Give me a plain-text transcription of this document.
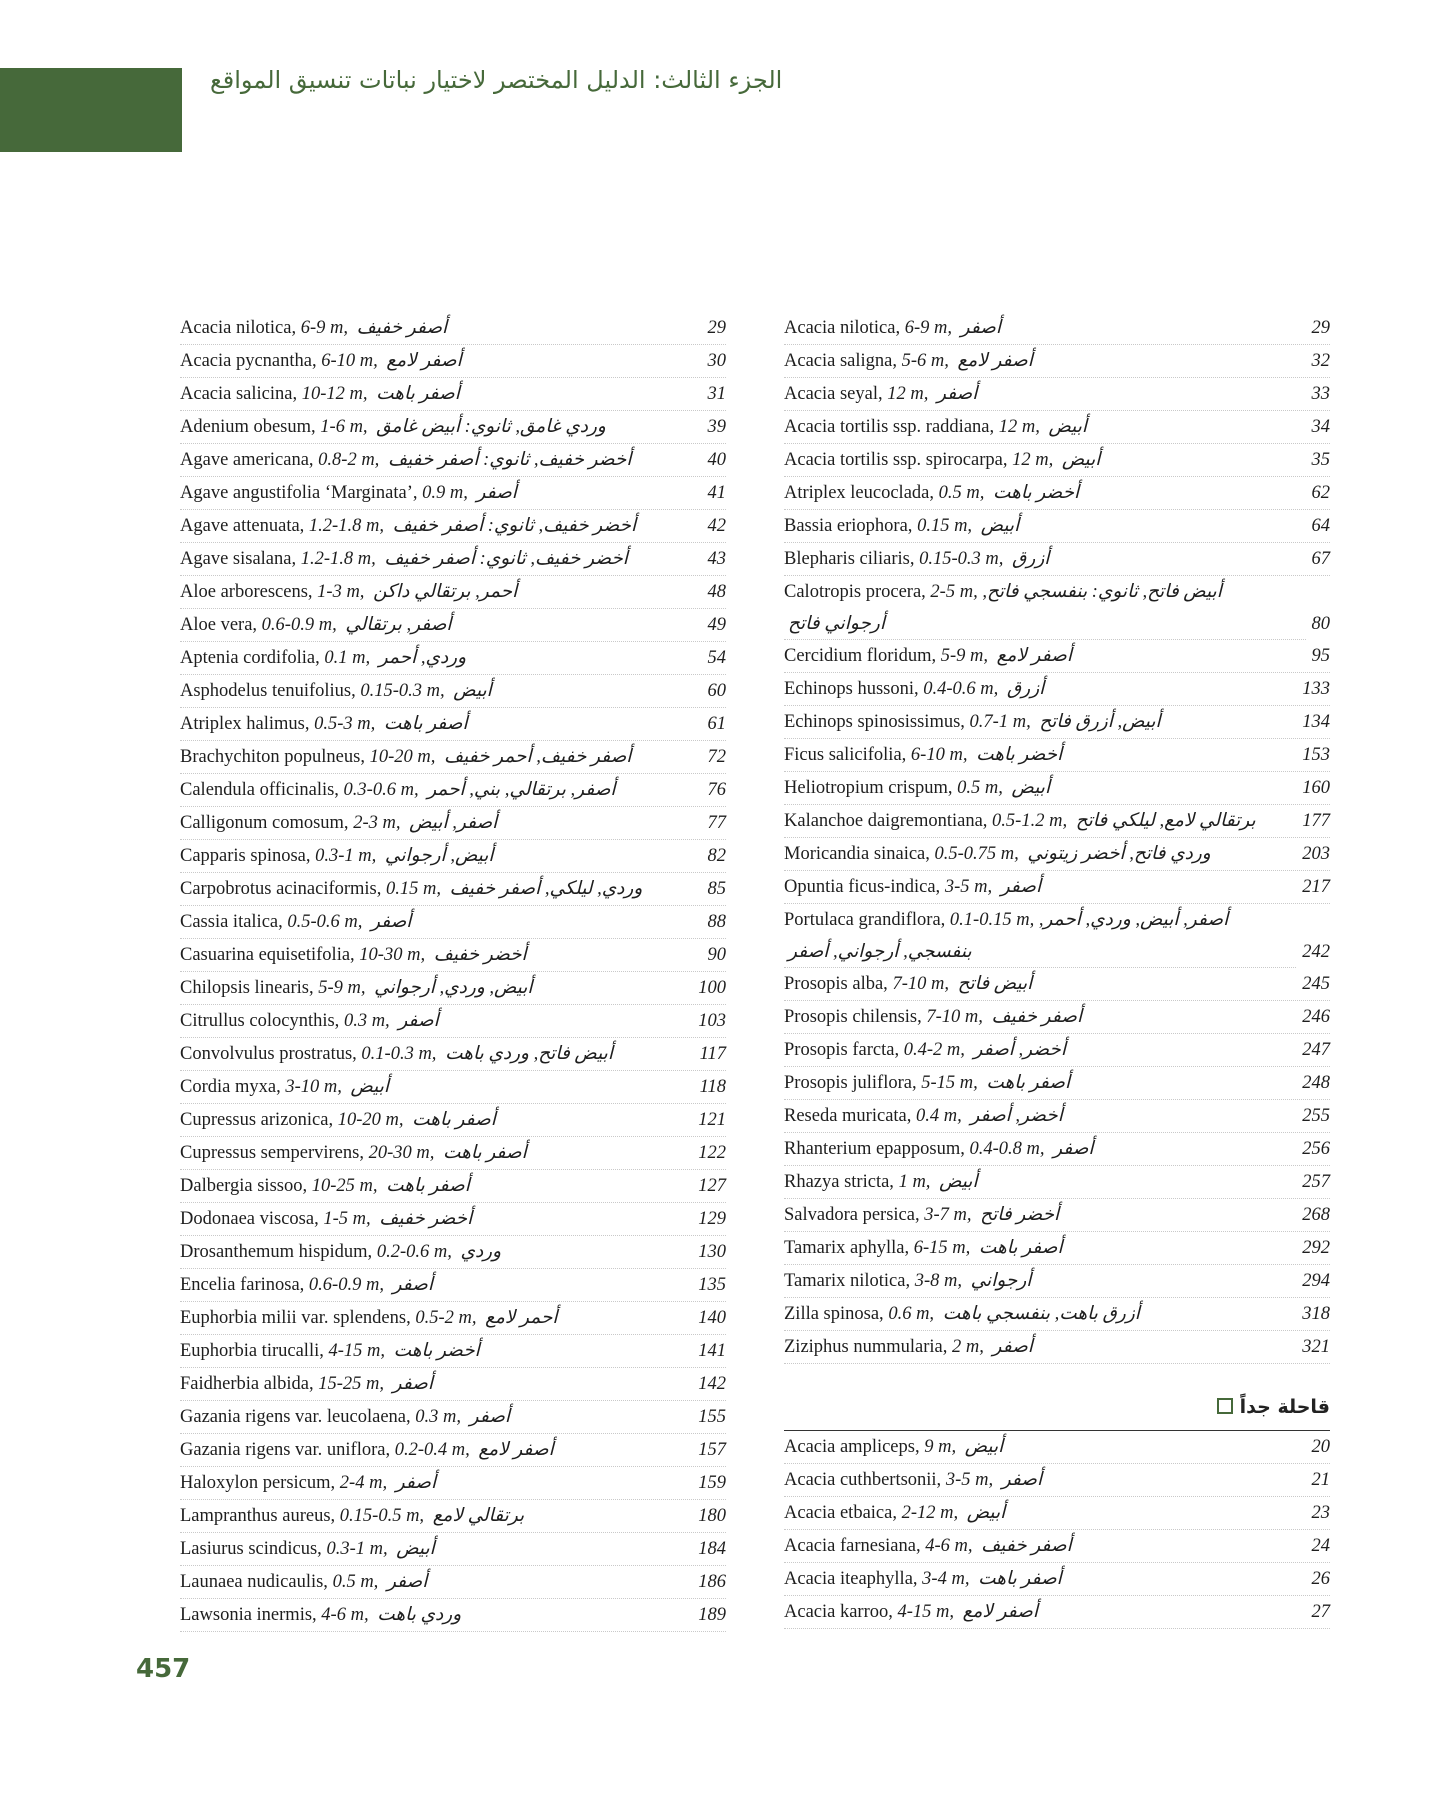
الجزء الثالث: الدليل المختصر لاختيار نباتات تنسيق المواقع
Acacia nilotica, 6-9 m, أصفر خفيف	29
Acacia pycnantha, 6-10 m, أصفر لامع	30
Acacia salicina, 10-12 m, أصفر باهت	31
Adenium obesum, 1-6 m, وردي غامق, ثانوي: أبيض غامق	39
Agave americana, 0.8-2 m, أخضر خفيف, ثانوي: أصفر خفيف	40
Agave angustifolia ‘Marginata’, 0.9 m, أصفر	41
Agave attenuata, 1.2-1.8 m, أخضر خفيف, ثانوي: أصفر خفيف	42
Agave sisalana, 1.2-1.8 m, أخضر خفيف, ثانوي: أصفر خفيف	43
Aloe arborescens, 1-3 m, أحمر, برتقالي داكن	48
Aloe vera, 0.6-0.9 m, أصفر, برتقالي	49
Aptenia cordifolia, 0.1 m, وردي, أحمر	54
Asphodelus tenuifolius, 0.15-0.3 m, أبيض	60
Atriplex halimus, 0.5-3 m, أصفر باهت	61
Brachychiton populneus, 10-20 m, أصفر خفيف, أحمر خفيف	72
Calendula officinalis, 0.3-0.6 m, أصفر, برتقالي, بني, أحمر	76
Calligonum comosum, 2-3 m, أصفر, أبيض	77
Capparis spinosa, 0.3-1 m, أبيض, أرجواني	82
Carpobrotus acinaciformis, 0.15 m, وردي, ليلكي, أصفر خفيف	85
Cassia italica, 0.5-0.6 m, أصفر	88
Casuarina equisetifolia, 10-30 m, أخضر خفيف	90
Chilopsis linearis, 5-9 m, أبيض, وردي, أرجواني	100
Citrullus colocynthis, 0.3 m, أصفر	103
Convolvulus prostratus, 0.1-0.3 m, أبيض فاتح, وردي باهت	117
Cordia myxa, 3-10 m, أبيض	118
Cupressus arizonica, 10-20 m, أصفر باهت	121
Cupressus sempervirens, 20-30 m, أصفر باهت	122
Dalbergia sissoo, 10-25 m, أصفر باهت	127
Dodonaea viscosa, 1-5 m, أخضر خفيف	129
Drosanthemum hispidum, 0.2-0.6 m, وردي	130
Encelia farinosa, 0.6-0.9 m, أصفر	135
Euphorbia milii var. splendens, 0.5-2 m, أحمر لامع	140
Euphorbia tirucalli, 4-15 m, أخضر باهت	141
Faidherbia albida, 15-25 m, أصفر	142
Gazania rigens var. leucolaena, 0.3 m, أصفر	155
Gazania rigens var. uniflora, 0.2-0.4 m, أصفر لامع	157
Haloxylon persicum, 2-4 m, أصفر	159
Lampranthus aureus, 0.15-0.5 m, برتقالي لامع	180
Lasiurus scindicus, 0.3-1 m, أبيض	184
Launaea nudicaulis, 0.5 m, أصفر	186
Lawsonia inermis, 4-6 m, وردي باهت	189
Acacia nilotica, 6-9 m, أصفر	29
Acacia saligna, 5-6 m, أصفر لامع	32
Acacia seyal, 12 m, أصفر	33
Acacia tortilis ssp. raddiana, 12 m, أبيض	34
Acacia tortilis ssp. spirocarpa, 12 m, أبيض	35
Atriplex leucoclada, 0.5 m, أخضر باهت	62
Bassia eriophora, 0.15 m, أبيض	64
Blepharis ciliaris, 0.15-0.3 m, أزرق	67
Calotropis procera, 2-5 m, أبيض فاتح, ثانوي: بنفسجي فاتح, أرجواني فاتح	80
Cercidium floridum, 5-9 m, أصفر لامع	95
Echinops hussoni, 0.4-0.6 m, أزرق	133
Echinops spinosissimus, 0.7-1 m, أبيض, أزرق فاتح	134
Ficus salicifolia, 6-10 m, أخضر باهت	153
Heliotropium crispum, 0.5 m, أبيض	160
Kalanchoe daigremontiana, 0.5-1.2 m, برتقالي لامع, ليلكي فاتح	177
Moricandia sinaica, 0.5-0.75 m, وردي فاتح, أخضر زيتوني	203
Opuntia ficus-indica, 3-5 m, أصفر	217
Portulaca grandiflora, 0.1-0.15 m, أصفر, أبيض, وردي, أحمر, بنفسجي, أرجواني, أصفر	242
Prosopis alba, 7-10 m, أبيض فاتح	245
Prosopis chilensis, 7-10 m, أصفر خفيف	246
Prosopis farcta, 0.4-2 m, أخضر, أصفر	247
Prosopis juliflora, 5-15 m, أصفر باهت	248
Reseda muricata, 0.4 m, أخضر, أصفر	255
Rhanterium epapposum, 0.4-0.8 m, أصفر	256
Rhazya stricta, 1 m, أبيض	257
Salvadora persica, 3-7 m, أخضر فاتح	268
Tamarix aphylla, 6-15 m, أصفر باهت	292
Tamarix nilotica, 3-8 m, أرجواني	294
Zilla spinosa, 0.6 m, أزرق باهت, بنفسجي باهت	318
Ziziphus nummularia, 2 m, أصفر	321
قاحلة جداً
Acacia ampliceps, 9 m, أبيض	20
Acacia cuthbertsonii, 3-5 m, أصفر	21
Acacia etbaica, 2-12 m, أبيض	23
Acacia farnesiana, 4-6 m, أصفر خفيف	24
Acacia iteaphylla, 3-4 m, أصفر باهت	26
Acacia karroo, 4-15 m, أصفر لامع	27
457
